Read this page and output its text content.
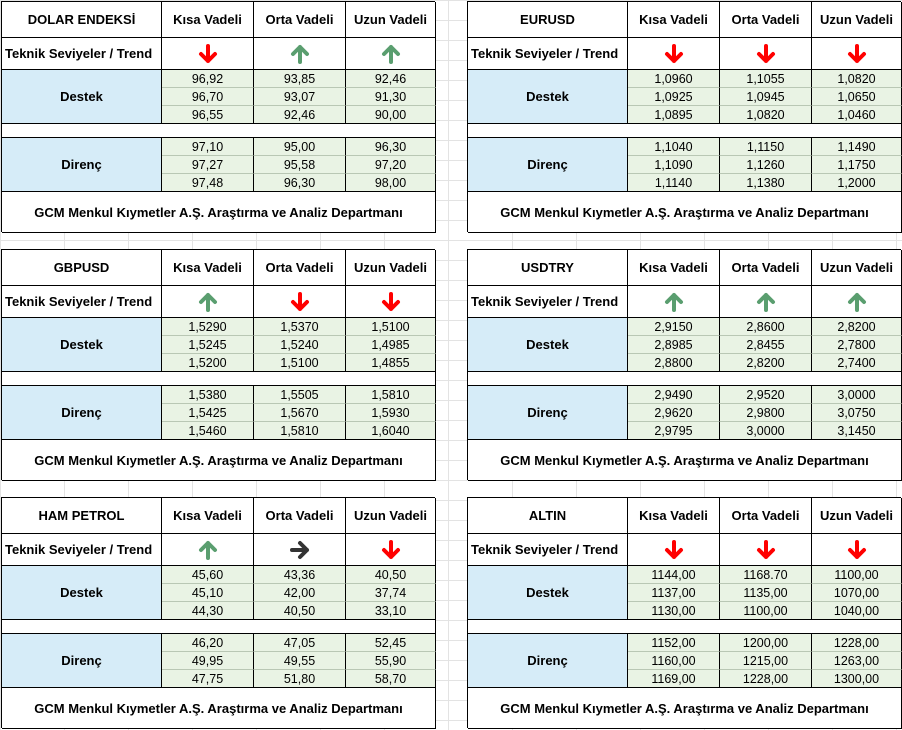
DOLAR ENDEKSİ	Kısa Vadeli	Orta Vadeli	Uzun Vadeli
Teknik Seviyeler / Trend
Destek
96,92	93,85	92,46
96,70	93,07	91,30
96,55	92,46	90,00
Direnç
97,10	95,00	96,30
97,27	95,58	97,20
97,48	96,30	98,00
GCM Menkul Kıymetler A.Ş. Araştırma ve Analiz Departmanı
EURUSD	Kısa Vadeli	Orta Vadeli	Uzun Vadeli
Teknik Seviyeler / Trend
Destek
1,0960	1,1055	1,0820
1,0925	1,0945	1,0650
1,0895	1,0820	1,0460
Direnç
1,1040	1,1150	1,1490
1,1090	1,1260	1,1750
1,1140	1,1380	1,2000
GCM Menkul Kıymetler A.Ş. Araştırma ve Analiz Departmanı
GBPUSD	Kısa Vadeli	Orta Vadeli	Uzun Vadeli
Teknik Seviyeler / Trend
Destek
1,5290	1,5370	1,5100
1,5245	1,5240	1,4985
1,5200	1,5100	1,4855
Direnç
1,5380	1,5505	1,5810
1,5425	1,5670	1,5930
1,5460	1,5810	1,6040
GCM Menkul Kıymetler A.Ş. Araştırma ve Analiz Departmanı
USDTRY	Kısa Vadeli	Orta Vadeli	Uzun Vadeli
Teknik Seviyeler / Trend
Destek
2,9150	2,8600	2,8200
2,8985	2,8455	2,7800
2,8800	2,8200	2,7400
Direnç
2,9490	2,9520	3,0000
2,9620	2,9800	3,0750
2,9795	3,0000	3,1450
GCM Menkul Kıymetler A.Ş. Araştırma ve Analiz Departmanı
HAM PETROL	Kısa Vadeli	Orta Vadeli	Uzun Vadeli
Teknik Seviyeler / Trend
Destek
45,60	43,36	40,50
45,10	42,00	37,74
44,30	40,50	33,10
Direnç
46,20	47,05	52,45
49,95	49,55	55,90
47,75	51,80	58,70
GCM Menkul Kıymetler A.Ş. Araştırma ve Analiz Departmanı
ALTIN	Kısa Vadeli	Orta Vadeli	Uzun Vadeli
Teknik Seviyeler / Trend
Destek
1144,00	1168.70	1100,00
1137,00	1135,00	1070,00
1130,00	1100,00	1040,00
Direnç
1152,00	1200,00	1228,00
1160,00	1215,00	1263,00
1169,00	1228,00	1300,00
GCM Menkul Kıymetler A.Ş. Araştırma ve Analiz Departmanı
